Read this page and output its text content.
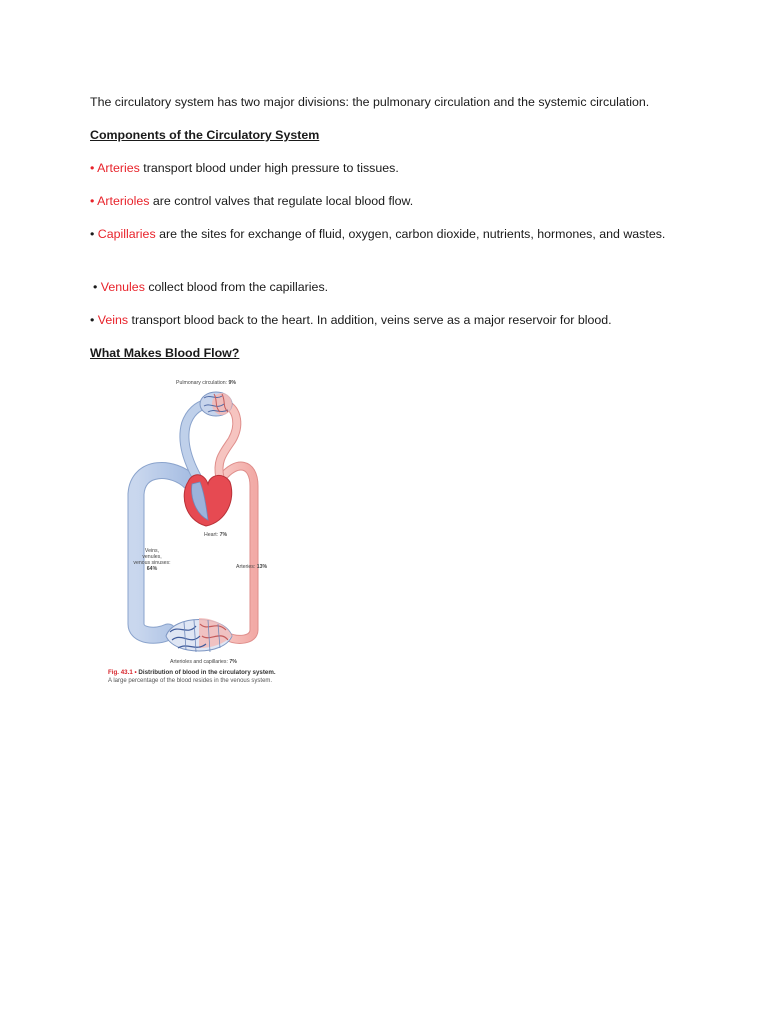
The circulatory system has two major divisions: the pulmonary circulation and the systemic circulation.

Components of the Circulatory System

• Arteries transport blood under high pressure to tissues.

• Arterioles are control valves that regulate local blood flow.

• Capillaries are the sites for exchange of fluid, oxygen, carbon dioxide, nutrients, hormones, and wastes.

• Venules collect blood from the capillaries.

• Veins transport blood back to the heart. In addition, veins serve as a major reservoir for blood.

What Makes Blood Flow?

Pulmonary circulation: 9%
Heart: 7%
Veins,
venules,
venous sinuses:
64%	Arteries: 13%
Arterioles and capillaries: 7%
Fig. 43.1 • Distribution of blood in the circulatory system.
A large percentage of the blood resides in the venous system.
